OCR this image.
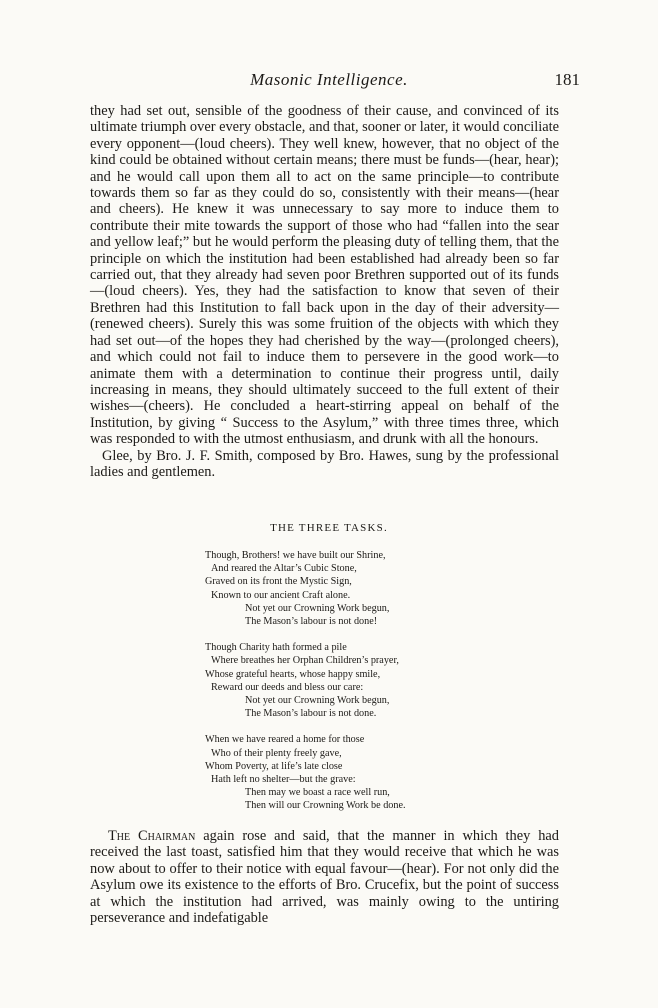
Masonic Intelligence.	181

they had set out, sensible of the goodness of their cause, and convinced of its ultimate triumph over every obstacle, and that, sooner or later, it would conciliate every opponent—(loud cheers). They well knew, however, that no object of the kind could be obtained without certain means; there must be funds—(hear, hear); and he would call upon them all to act on the same principle—to contribute towards them so far as they could do so, consistently with their means—(hear and cheers). He knew it was unnecessary to say more to induce them to contribute their mite towards the support of those who had “fallen into the sear and yellow leaf;” but he would perform the pleasing duty of telling them, that the principle on which the institution had been established had already been so far carried out, that they already had seven poor Brethren supported out of its funds—(loud cheers). Yes, they had the satisfaction to know that seven of their Brethren had this Institution to fall back upon in the day of their adversity—(renewed cheers). Surely this was some fruition of the objects with which they had set out—of the hopes they had cherished by the way—(prolonged cheers), and which could not fail to induce them to persevere in the good work—to animate them with a determination to continue their progress until, daily increasing in means, they should ultimately succeed to the full extent of their wishes—(cheers). He concluded a heart-stirring appeal on behalf of the Institution, by giving “ Success to the Asylum,” with three times three, which was responded to with the utmost enthusiasm, and drunk with all the honours.

Glee, by Bro. J. F. Smith, composed by Bro. Hawes, sung by the professional ladies and gentlemen.

THE THREE TASKS.
Though, Brothers! we have built our Shrine,
And reared the Altar’s Cubic Stone,
Graved on its front the Mystic Sign,
Known to our ancient Craft alone.
Not yet our Crowning Work begun,
The Mason’s labour is not done!
Though Charity hath formed a pile
Where breathes her Orphan Children’s prayer,
Whose grateful hearts, whose happy smile,
Reward our deeds and bless our care:
Not yet our Crowning Work begun,
The Mason’s labour is not done.
When we have reared a home for those
Who of their plenty freely gave,
Whom Poverty, at life’s late close
Hath left no shelter—but the grave:
Then may we boast a race well run,
Then will our Crowning Work be done.

The Chairman again rose and said, that the manner in which they had received the last toast, satisfied him that they would receive that which he was now about to offer to their notice with equal favour—(hear). For not only did the Asylum owe its existence to the efforts of Bro. Crucefix, but the point of success at which the institution had arrived, was mainly owing to the untiring perseverance and indefatigable
